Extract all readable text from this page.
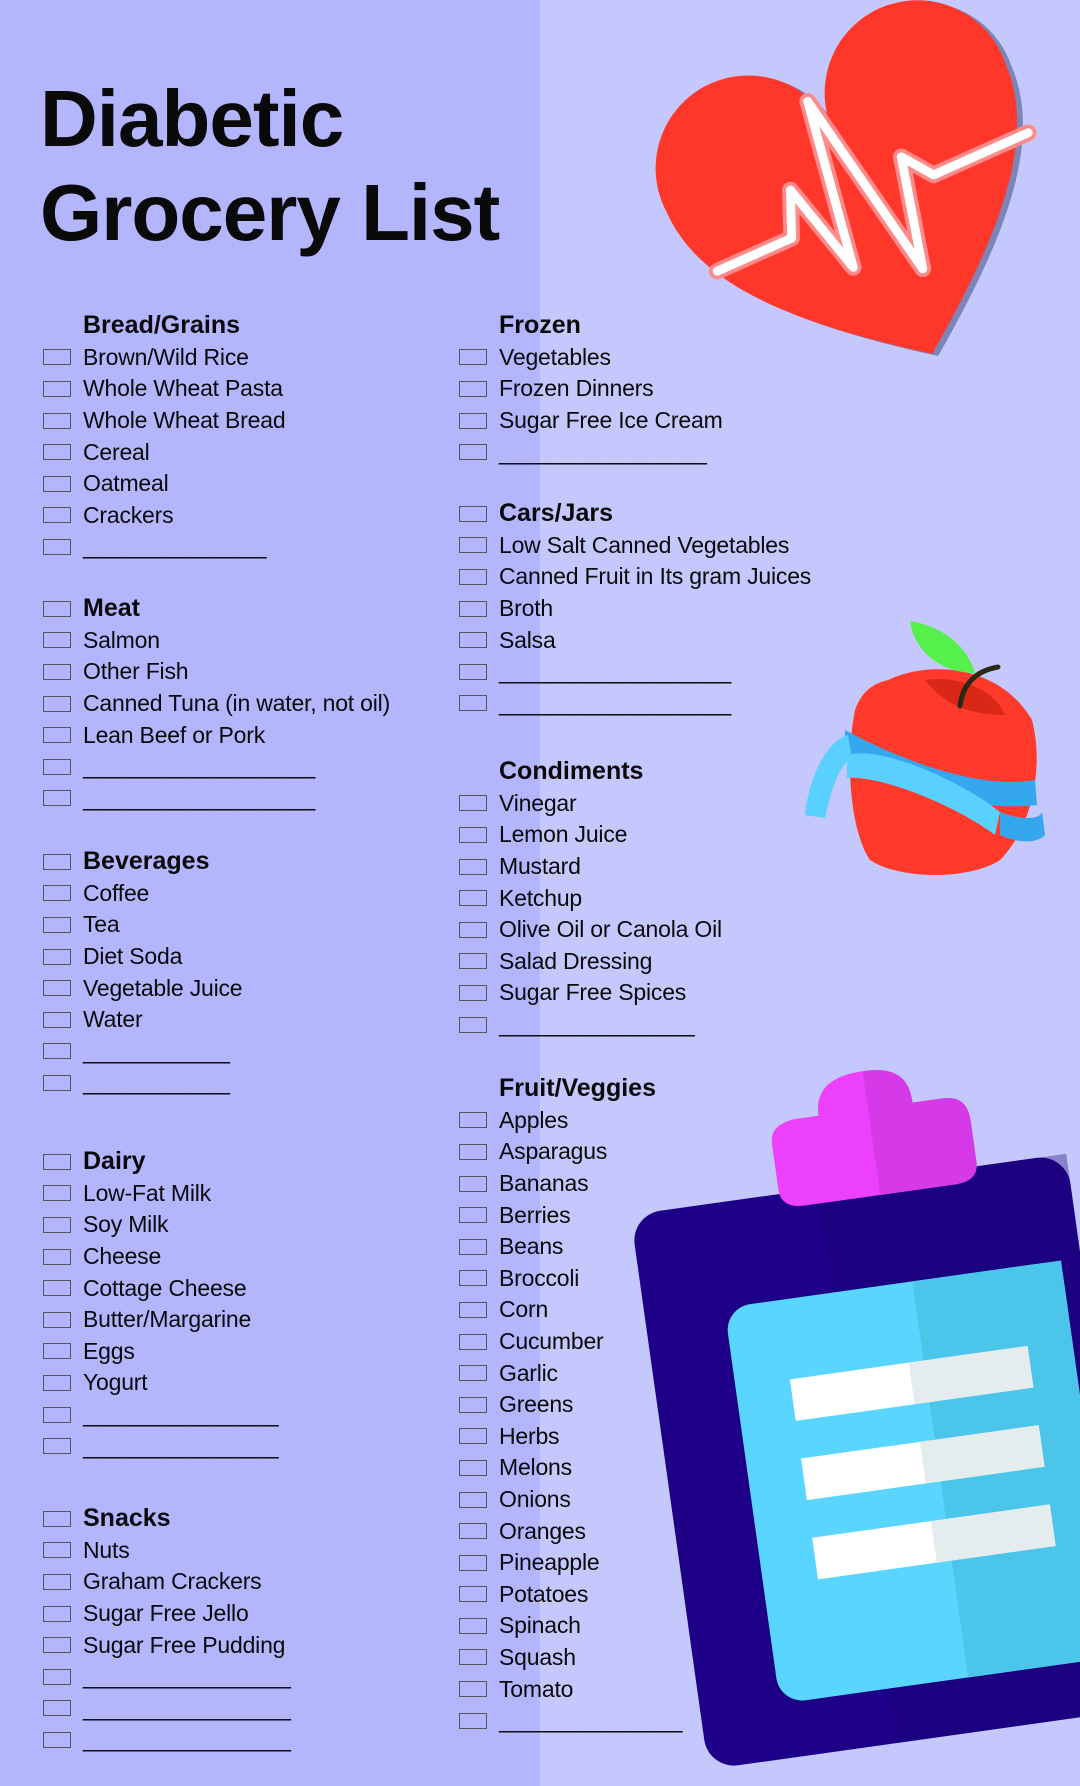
Diabetic
Grocery List
Bread/Grains
Brown/Wild Rice
Whole Wheat Pasta
Whole Wheat Bread
Cereal
Oatmeal
Crackers
_______________
Meat
Salmon
Other Fish
Canned Tuna (in water, not oil)
Lean Beef or Pork
___________________
___________________
Beverages
Coffee
Tea
Diet Soda
Vegetable Juice
Water
____________
____________
Dairy
Low-Fat Milk
Soy Milk
Cheese
Cottage Cheese
Butter/Margarine
Eggs
Yogurt
________________
________________
Snacks
Nuts
Graham Crackers
Sugar Free Jello
Sugar Free Pudding
_________________
_________________
_________________
Frozen
Vegetables
Frozen Dinners
Sugar Free Ice Cream
_________________
Cars/Jars
Low Salt Canned Vegetables
Canned Fruit in Its gram Juices
Broth
Salsa
___________________
___________________
Condiments
Vinegar
Lemon Juice
Mustard
Ketchup
Olive Oil or Canola Oil
Salad Dressing
Sugar Free Spices
________________
Fruit/Veggies
Apples
Asparagus
Bananas
Berries
Beans
Broccoli
Corn
Cucumber
Garlic
Greens
Herbs
Melons
Onions
Oranges
Pineapple
Potatoes
Spinach
Squash
Tomato
_______________
